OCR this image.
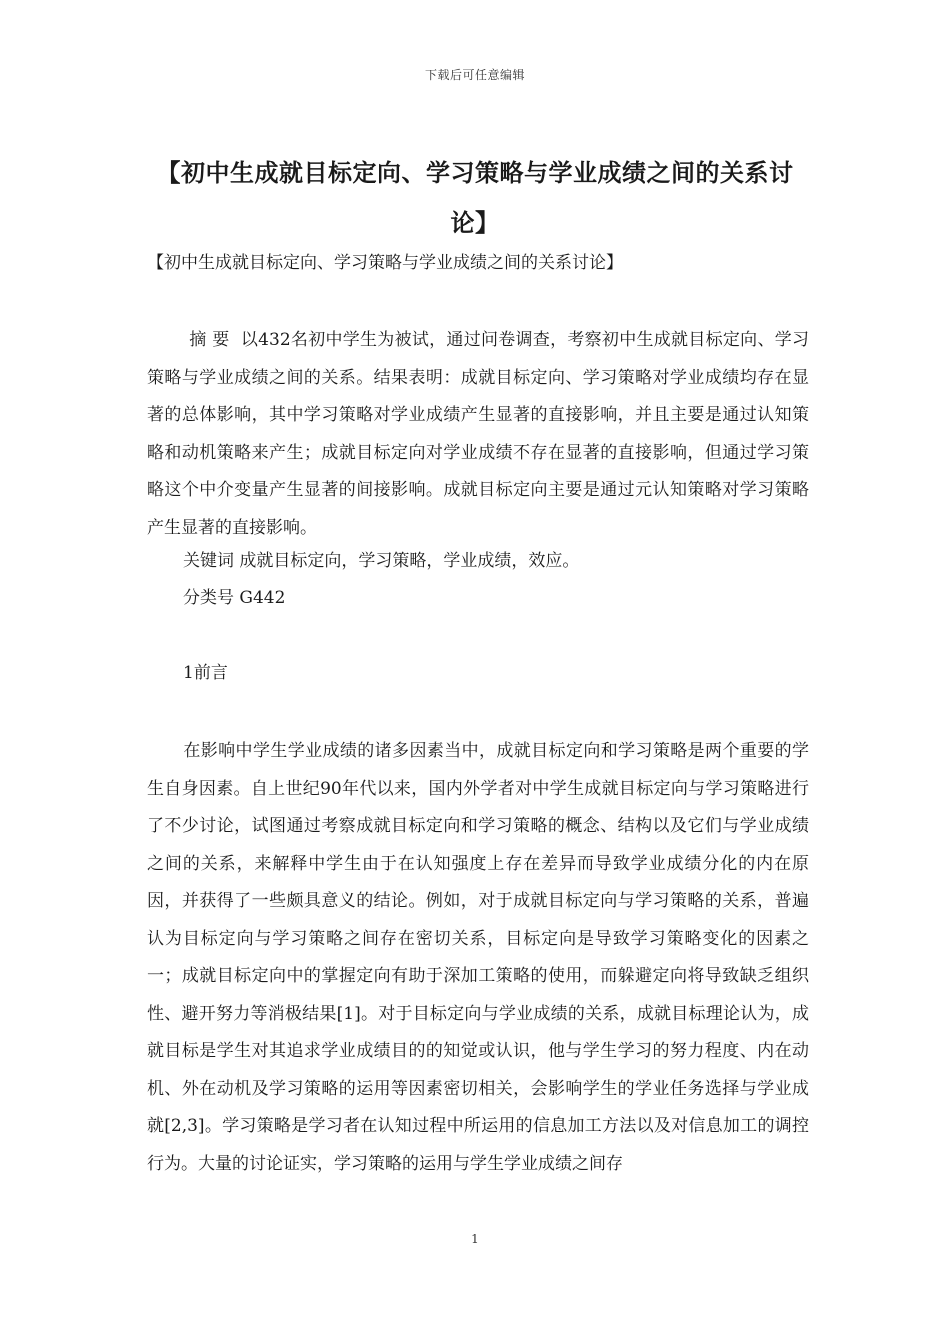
下载后可任意编辑
【初中生成就目标定向、学习策略与学业成绩之间的关系讨论】
【初中生成就目标定向、学习策略与学业成绩之间的关系讨论】
摘 要 以432名初中学生为被试，通过问卷调查，考察初中生成就目标定向、学习策略与学业成绩之间的关系。结果表明：成就目标定向、学习策略对学业成绩均存在显著的总体影响，其中学习策略对学业成绩产生显著的直接影响，并且主要是通过认知策略和动机策略来产生；成就目标定向对学业成绩不存在显著的直接影响，但通过学习策略这个中介变量产生显著的间接影响。成就目标定向主要是通过元认知策略对学习策略产生显著的直接影响。
关键词 成就目标定向，学习策略，学业成绩，效应。
分类号 G442
1前言
在影响中学生学业成绩的诸多因素当中，成就目标定向和学习策略是两个重要的学生自身因素。自上世纪90年代以来，国内外学者对中学生成就目标定向与学习策略进行了不少讨论，试图通过考察成就目标定向和学习策略的概念、结构以及它们与学业成绩之间的关系，来解释中学生由于在认知强度上存在差异而导致学业成绩分化的内在原因，并获得了一些颇具意义的结论。例如，对于成就目标定向与学习策略的关系，普遍认为目标定向与学习策略之间存在密切关系，目标定向是导致学习策略变化的因素之一；成就目标定向中的掌握定向有助于深加工策略的使用，而躲避定向将导致缺乏组织性、避开努力等消极结果[1]。对于目标定向与学业成绩的关系，成就目标理论认为，成就目标是学生对其追求学业成绩目的的知觉或认识，他与学生学习的努力程度、内在动机、外在动机及学习策略的运用等因素密切相关，会影响学生的学业任务选择与学业成就[2,3]。学习策略是学习者在认知过程中所运用的信息加工方法以及对信息加工的调控行为。大量的讨论证实，学习策略的运用与学生学业成绩之间存
1
